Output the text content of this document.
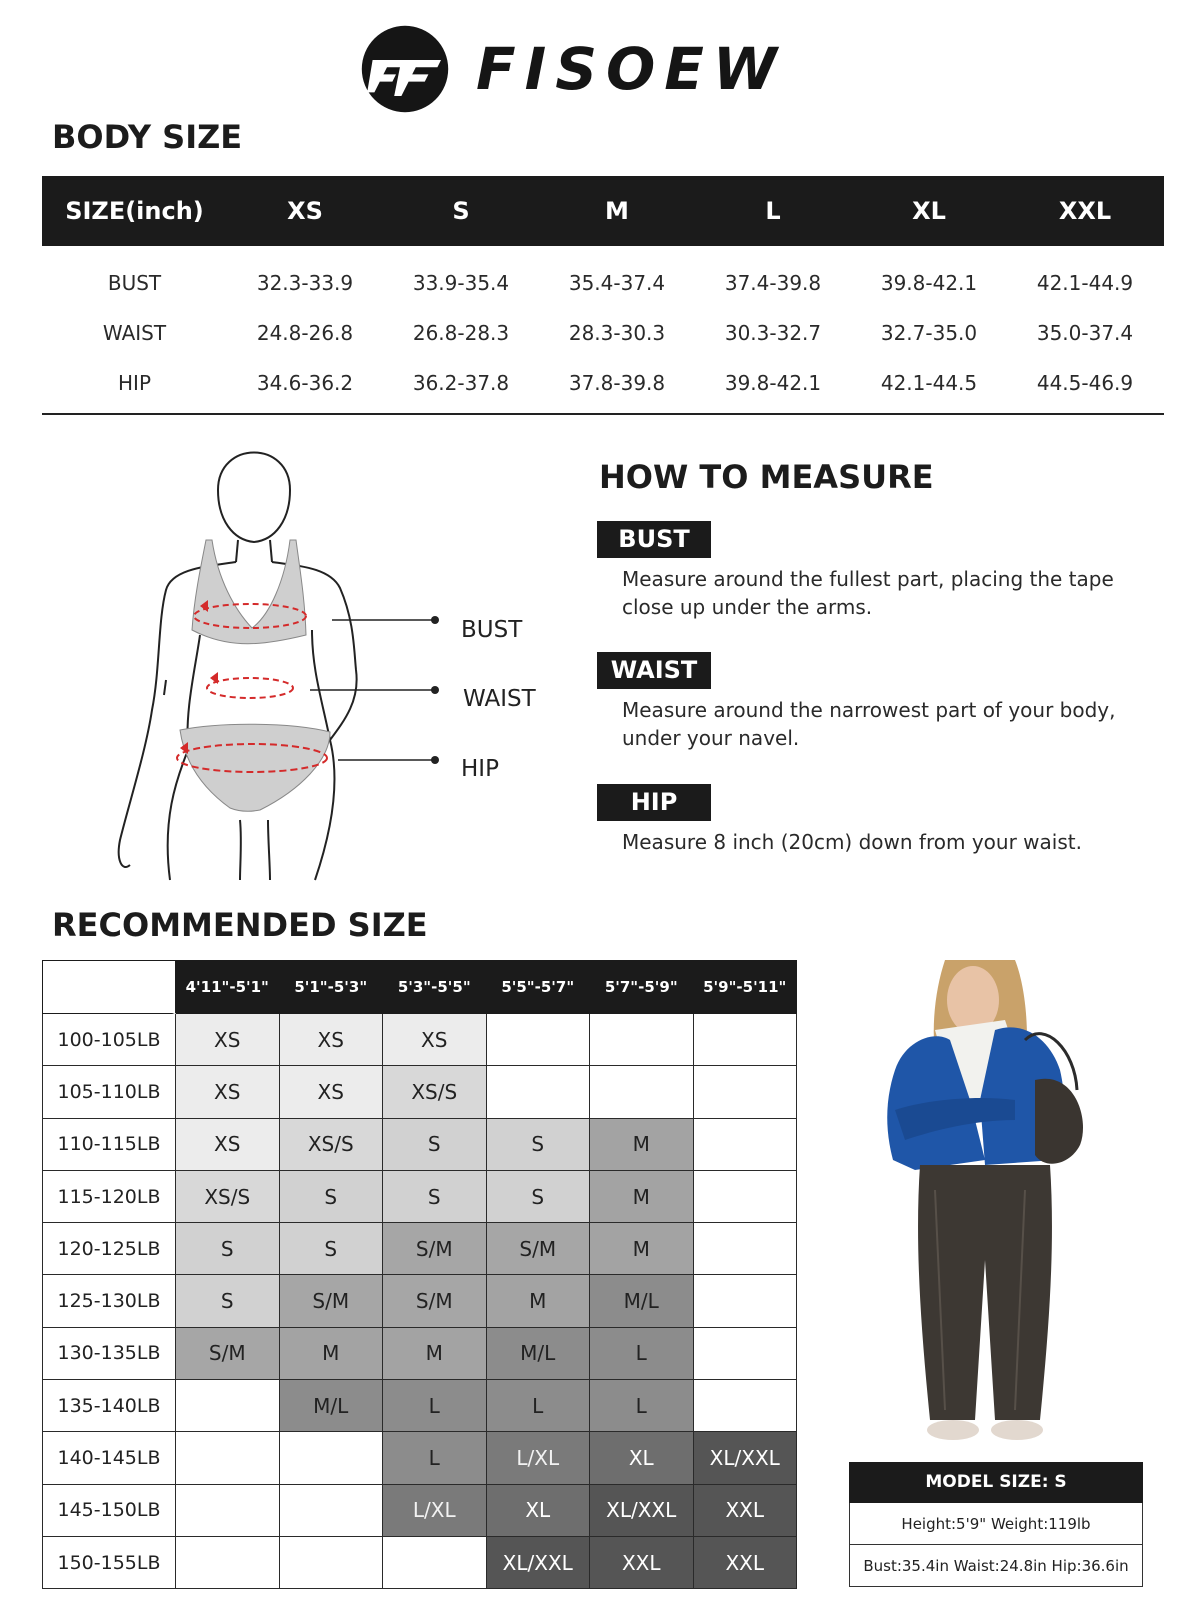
FISOEW
BODY SIZE
SIZE(inch)	XS	S	M	L	XL	XXL
BUST	32.3-33.9	33.9-35.4	35.4-37.4	37.4-39.8	39.8-42.1	42.1-44.9
WAIST	24.8-26.8	26.8-28.3	28.3-30.3	30.3-32.7	32.7-35.0	35.0-37.4
HIP	34.6-36.2	36.2-37.8	37.8-39.8	39.8-42.1	42.1-44.5	44.5-46.9
BUST
WAIST
HIP
HOW TO MEASURE
BUST
Measure around the fullest part, placing the tape
close up under the arms.
WAIST
Measure around the narrowest part of your body,
under your navel.
HIP
Measure 8 inch (20cm) down from your waist.
RECOMMENDED SIZE
HEIGHT
WEIGHT	4'11"-5'1"	5'1"-5'3"	5'3"-5'5"	5'5"-5'7"	5'7"-5'9"	5'9"-5'11"
100-105LB	XS	XS	XS			
105-110LB	XS	XS	XS/S			
110-115LB	XS	XS/S	S	S	M	
115-120LB	XS/S	S	S	S	M	
120-125LB	S	S	S/M	S/M	M	
125-130LB	S	S/M	S/M	M	M/L	
130-135LB	S/M	M	M	M/L	L	
135-140LB		M/L	L	L	L	
140-145LB			L	L/XL	XL	XL/XXL
145-150LB			L/XL	XL	XL/XXL	XXL
150-155LB				XL/XXL	XXL	XXL
MODEL SIZE: S
Height:5'9" Weight:119lb
Bust:35.4in Waist:24.8in Hip:36.6in
